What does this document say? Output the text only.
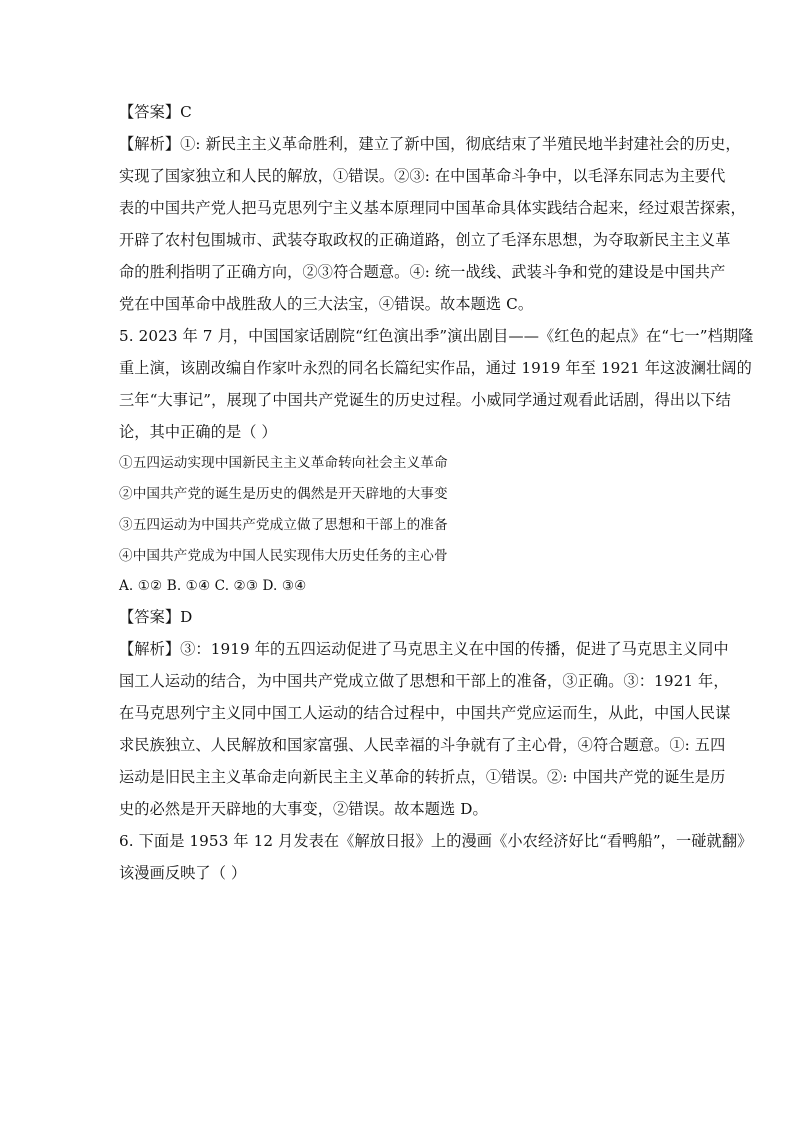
【答案】C
【解析】①: 新民主主义革命胜利，建立了新中国，彻底结束了半殖民地半封建社会的历史，
实现了国家独立和人民的解放，①错误。②③: 在中国革命斗争中，以毛泽东同志为主要代
表的中国共产党人把马克思列宁主义基本原理同中国革命具体实践结合起来，经过艰苦探索，
开辟了农村包围城市、武装夺取政权的正确道路，创立了毛泽东思想，为夺取新民主主义革
命的胜利指明了正确方向，②③符合题意。④: 统一战线、武装斗争和党的建设是中国共产
党在中国革命中战胜敌人的三大法宝，④错误。故本题选 C。
5. 2023 年 7 月，中国国家话剧院“红色演出季”演出剧目——《红色的起点》在“七一”档期隆
重上演，该剧改编自作家叶永烈的同名长篇纪实作品，通过 1919 年至 1921 年这波澜壮阔的
三年“大事记”，展现了中国共产党诞生的历史过程。小威同学通过观看此话剧，得出以下结
论，其中正确的是（ ）
①五四运动实现中国新民主主义革命转向社会主义革命
②中国共产党的诞生是历史的偶然是开天辟地的大事变
③五四运动为中国共产党成立做了思想和干部上的准备
④中国共产党成为中国人民实现伟大历史任务的主心骨
A. ①② B. ①④ C. ②③ D. ③④
【答案】D
【解析】③：1919 年的五四运动促进了马克思主义在中国的传播，促进了马克思主义同中
国工人运动的结合，为中国共产党成立做了思想和干部上的准备，③正确。③：1921 年，
在马克思列宁主义同中国工人运动的结合过程中，中国共产党应运而生，从此，中国人民谋
求民族独立、人民解放和国家富强、人民幸福的斗争就有了主心骨，④符合题意。①: 五四
运动是旧民主主义革命走向新民主主义革命的转折点，①错误。②: 中国共产党的诞生是历
史的必然是开天辟地的大事变，②错误。故本题选 D。
6. 下面是 1953 年 12 月发表在《解放日报》上的漫画《小农经济好比“看鸭船”，一碰就翻》
该漫画反映了（ ）
